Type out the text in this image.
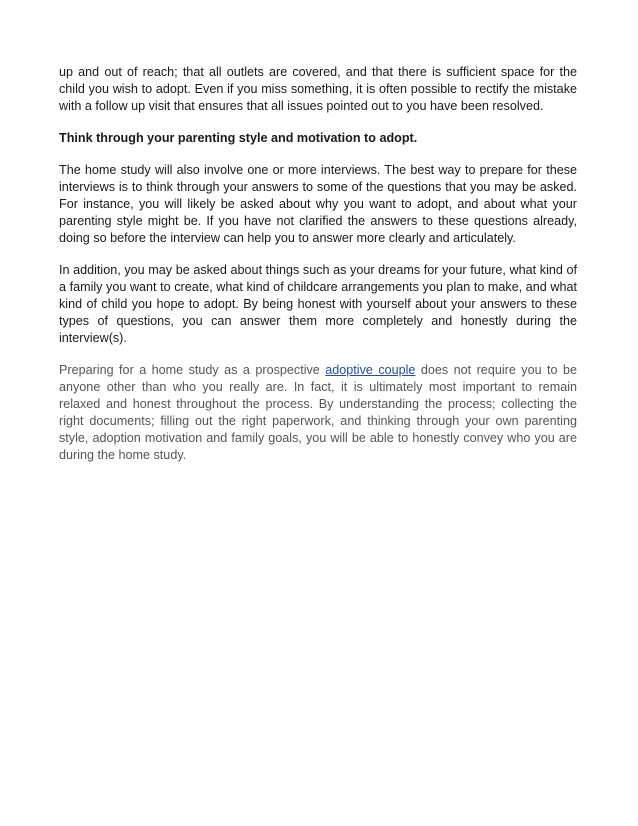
up and out of reach; that all outlets are covered, and that there is sufficient space for the child you wish to adopt. Even if you miss something, it is often possible to rectify the mistake with a follow up visit that ensures that all issues pointed out to you have been resolved.

Think through your parenting style and motivation to adopt.

The home study will also involve one or more interviews. The best way to prepare for these interviews is to think through your answers to some of the questions that you may be asked. For instance, you will likely be asked about why you want to adopt, and about what your parenting style might be. If you have not clarified the answers to these questions already, doing so before the interview can help you to answer more clearly and articulately.

In addition, you may be asked about things such as your dreams for your future, what kind of a family you want to create, what kind of childcare arrangements you plan to make, and what kind of child you hope to adopt. By being honest with yourself about your answers to these types of questions, you can answer them more completely and honestly during the interview(s).

Preparing for a home study as a prospective adoptive couple does not require you to be anyone other than who you really are. In fact, it is ultimately most important to remain relaxed and honest throughout the process. By understanding the process; collecting the right documents; filling out the right paperwork, and thinking through your own parenting style, adoption motivation and family goals, you will be able to honestly convey who you are during the home study.
